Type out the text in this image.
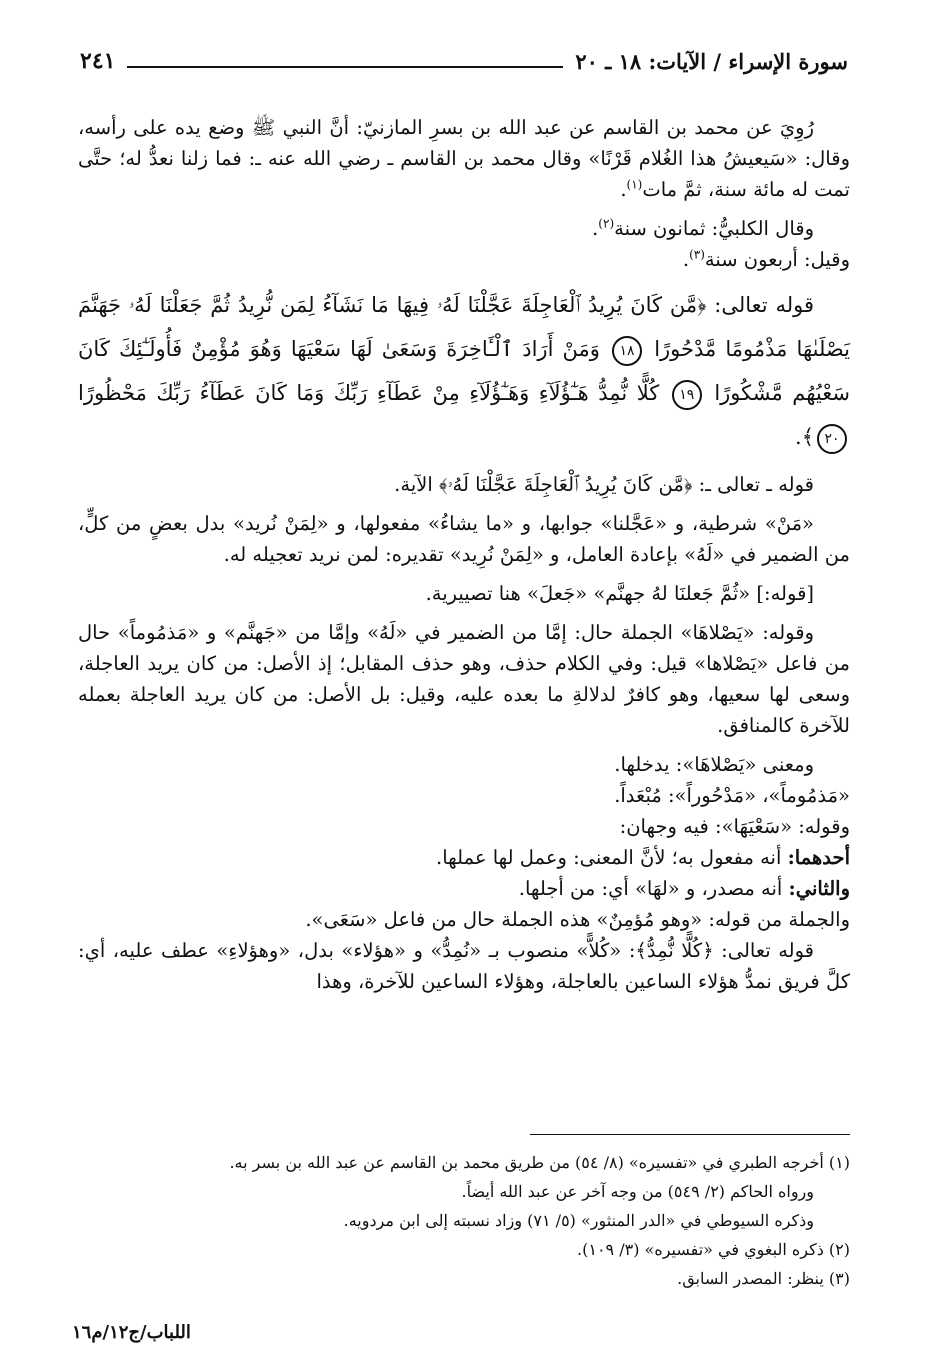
سورة الإسراء / الآيات: ١٨ ـ ٢٠
٢٤١

رُوِيَ عن محمد بن القاسم عن عبد الله بن بسرِ المازنيّ: أنَّ النبي ﷺ وضع يده على رأسه، وقال: «سَيعيشُ هذا الغُلام قَرْنًا» وقال محمد بن القاسم ـ رضي الله عنه ـ: فما زلنا نعدُّ له؛ حتَّى تمت له مائة سنة، ثمَّ مات$^{(١)}$.

وقال الكلبيُّ: ثمانون سنة$^{(٢)}$.
وقيل: أربعون سنة$^{(٣)}$.

قوله تعالى: ﴿مَّن كَانَ يُرِيدُ ٱلْعَاجِلَةَ عَجَّلْنَا لَهُۥ فِيهَا مَا نَشَآءُ لِمَن نُّرِيدُ ثُمَّ جَعَلْنَا لَهُۥ جَهَنَّمَ يَصْلَىٰهَا مَذْمُومًا مَّدْحُورًا ١٨ وَمَنْ أَرَادَ ٱلْـَٔاخِرَةَ وَسَعَىٰ لَهَا سَعْيَهَا وَهُوَ مُؤْمِنٌ فَأُولَـٰٓئِكَ كَانَ سَعْيُهُم مَّشْكُورًا ١٩ كُلًّا نُّمِدُّ هَـٰٓؤُلَآءِ وَهَـٰٓؤُلَآءِ مِنْ عَطَآءِ رَبِّكَ وَمَا كَانَ عَطَآءُ رَبِّكَ مَحْظُورًا ٢٠﴾.

قوله ـ تعالى ـ: ﴿مَّن كَانَ يُرِيدُ ٱلْعَاجِلَةَ عَجَّلْنَا لَهُۥ﴾ الآية.

«مَنْ» شرطية، و «عَجَّلنا» جوابها، و «ما يشاءُ» مفعولها، و «لِمَنْ نُريد» بدل بعضٍ من كلٍّ، من الضمير في «لَهُ» بإعادة العامل، و «لِمَنْ نُرِيد» تقديره: لمن نريد تعجيله له.

[قوله:] «ثُمَّ جَعلنَا لهُ جهنَّم» «جَعلَ» هنا تصييرية.

وقوله: «يَصْلاهَا» الجملة حال: إمَّا من الضمير في «لَهُ» وإمَّا من «جَهنَّم» و «مَذمُوماً» حال من فاعل «يَصْلاها» قيل: وفي الكلام حذف، وهو حذف المقابل؛ إذ الأصل: من كان يريد العاجلة، وسعى لها سعيها، وهو كافرٌ لدلالةِ ما بعده عليه، وقيل: بل الأصل: من كان يريد العاجلة بعمله للآخرة كالمنافق.

ومعنى «يَصْلاهَا»: يدخلها.
«مَذمُوماً»، «مَدْحُوراً»: مُبْعَداً.
وقوله: «سَعْيَهَا»: فيه وجهان:
أحدهما: أنه مفعول به؛ لأنَّ المعنى: وعمل لها عملها.
والثاني: أنه مصدر، و «لهَا» أي: من أجلها.
والجملة من قوله: «وهو مُؤمِنٌ» هذه الجملة حال من فاعل «سَعَى».

قوله تعالى: ﴿كُلًّا نُّمِدُّ﴾: «كُلاًّ» منصوب بـ «نُمِدُّ» و «هؤلاء» بدل، «وهؤلاءِ» عطف عليه، أي: كلَّ فريق نمدُّ هؤلاء الساعين بالعاجلة، وهؤلاء الساعين للآخرة، وهذا

(١) أخرجه الطبري في «تفسيره» (٨/ ٥٤) من طريق محمد بن القاسم عن عبد الله بن بسر به.

ورواه الحاكم (٢/ ٥٤٩) من وجه آخر عن عبد الله أيضاً.

وذكره السيوطي في «الدر المنثور» (٥/ ٧١) وزاد نسبته إلى ابن مردويه.

(٢) ذكره البغوي في «تفسيره» (٣/ ١٠٩).

(٣) ينظر: المصدر السابق.

اللباب/ج١٢/م١٦
